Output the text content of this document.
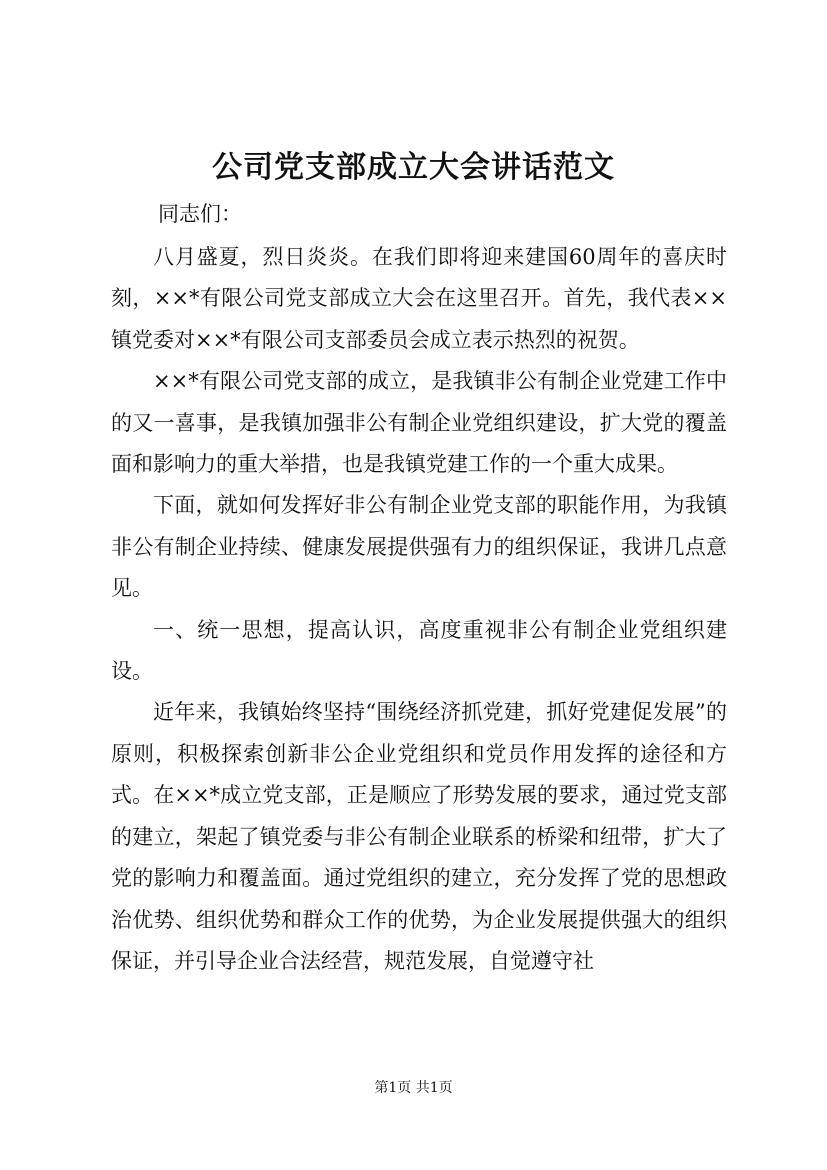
公司党支部成立大会讲话范文
同志们：

八月盛夏，烈日炎炎。在我们即将迎来建国60周年的喜庆时刻，××*有限公司党支部成立大会在这里召开。首先，我代表××镇党委对××*有限公司支部委员会成立表示热烈的祝贺。

××*有限公司党支部的成立，是我镇非公有制企业党建工作中的又一喜事，是我镇加强非公有制企业党组织建设，扩大党的覆盖面和影响力的重大举措，也是我镇党建工作的一个重大成果。

下面，就如何发挥好非公有制企业党支部的职能作用，为我镇非公有制企业持续、健康发展提供强有力的组织保证，我讲几点意见。

一、统一思想，提高认识，高度重视非公有制企业党组织建设。

近年来，我镇始终坚持“围绕经济抓党建，抓好党建促发展”的原则，积极探索创新非公企业党组织和党员作用发挥的途径和方式。在××*成立党支部，正是顺应了形势发展的要求，通过党支部的建立，架起了镇党委与非公有制企业联系的桥梁和纽带，扩大了党的影响力和覆盖面。通过党组织的建立，充分发挥了党的思想政治优势、组织优势和群众工作的优势，为企业发展提供强大的组织保证，并引导企业合法经营，规范发展，自觉遵守社

第1页 共1页
